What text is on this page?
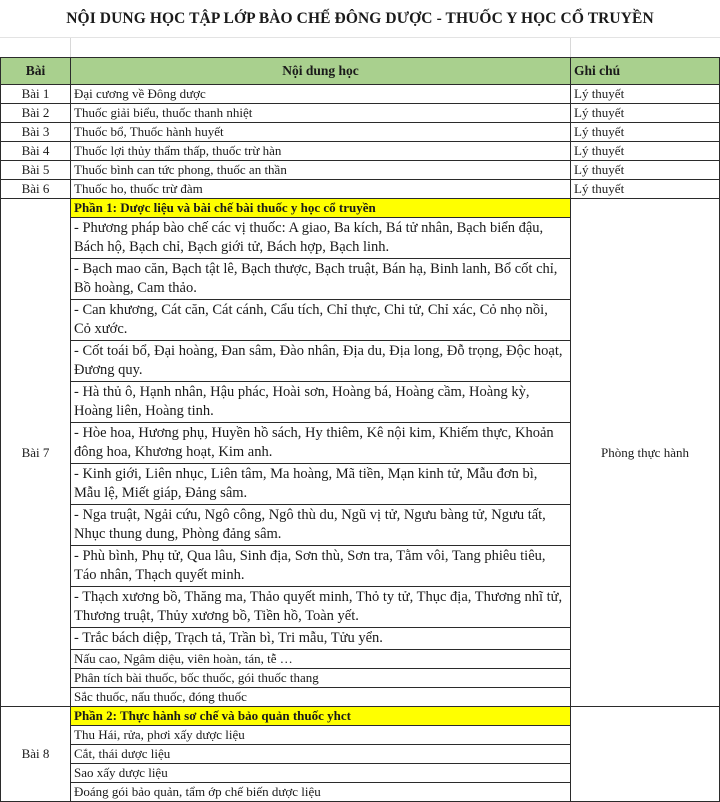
NỘI DUNG HỌC TẬP LỚP BÀO CHẾ ĐÔNG DƯỢC - THUỐC Y HỌC CỔ TRUYỀN
Bài	Nội dung học	Ghi chú
Bài 1	Đại cương về Đông dược	Lý thuyết
Bài 2	Thuốc giải biểu, thuốc thanh nhiệt	Lý thuyết
Bài 3	Thuốc bổ, Thuốc hành huyết	Lý thuyết
Bài 4	Thuốc lợi thủy thẩm thấp, thuốc trừ hàn	Lý thuyết
Bài 5	Thuốc bình can tức phong, thuốc an thần	Lý thuyết
Bài 6	Thuốc ho, thuốc trừ đàm	Lý thuyết
Bài 7	Phần 1: Dược liệu và bài chế bài thuốc y học cổ truyền	Phòng thực hành
	- Phương pháp bào chế các vị thuốc: A giao, Ba kích, Bá tử nhân, Bạch biển đậu, Bách hộ, Bạch chỉ, Bạch giới tử, Bách hợp, Bạch linh.	
	- Bạch mao căn, Bạch tật lê, Bạch thược, Bạch truật, Bán hạ, Binh lanh, Bổ cốt chỉ, Bồ hoàng, Cam thảo.	
	- Can khương, Cát căn, Cát cánh, Cẩu tích, Chỉ thực, Chi tử, Chỉ xác, Cỏ nhọ nồi, Cỏ xước.	
	- Cốt toái bổ, Đại hoàng, Đan sâm, Đào nhân, Địa du, Địa long, Đỗ trọng, Độc hoạt, Đương quy.	
	- Hà thủ ô, Hạnh nhân, Hậu phác, Hoài sơn, Hoàng bá, Hoàng cầm, Hoàng kỳ, Hoàng liên, Hoàng tinh.	
	- Hòe hoa, Hương phụ, Huyền hồ sách, Hy thiêm, Kê nội kim, Khiếm thực, Khoản đông hoa, Khương hoạt, Kim anh.	
	- Kinh giới, Liên nhục, Liên tâm, Ma hoàng, Mã tiền, Mạn kinh tử, Mẫu đơn bì, Mẫu lệ, Miết giáp, Đảng sâm.	
	- Nga truật, Ngải cứu, Ngô công, Ngô thù du, Ngũ vị tử, Ngưu bàng tử, Ngưu tất, Nhục thung dung, Phòng đảng sâm.	
	- Phù bình, Phụ tử, Qua lâu, Sinh địa, Sơn thù, Sơn tra, Tằm vôi, Tang phiêu tiêu, Táo nhân, Thạch quyết minh.	
	- Thạch xương bồ, Thăng ma, Thảo quyết minh, Thỏ ty tử, Thục địa, Thương nhĩ tử, Thương truật, Thủy xương bồ, Tiền hồ, Toàn yết.	
	- Trắc bách diệp, Trạch tả, Trần bì, Tri mẫu, Tửu yển.	
	Nấu cao, Ngâm diệu, viên hoàn, tán, tễ …	
	Phân tích bài thuốc, bốc thuốc, gói thuốc thang	
	Sắc thuốc, nấu thuốc, đóng thuốc	
Bài 8	Phần 2: Thực hành sơ chế và bảo quản thuốc yhct	
	Thu Hái, rửa, phơi xấy dược liệu	
	Cắt, thái dược liệu	
	Sao xấy dược liệu	
	Đoáng gói bảo quản, tẩm ớp chế biến dược liệu	
